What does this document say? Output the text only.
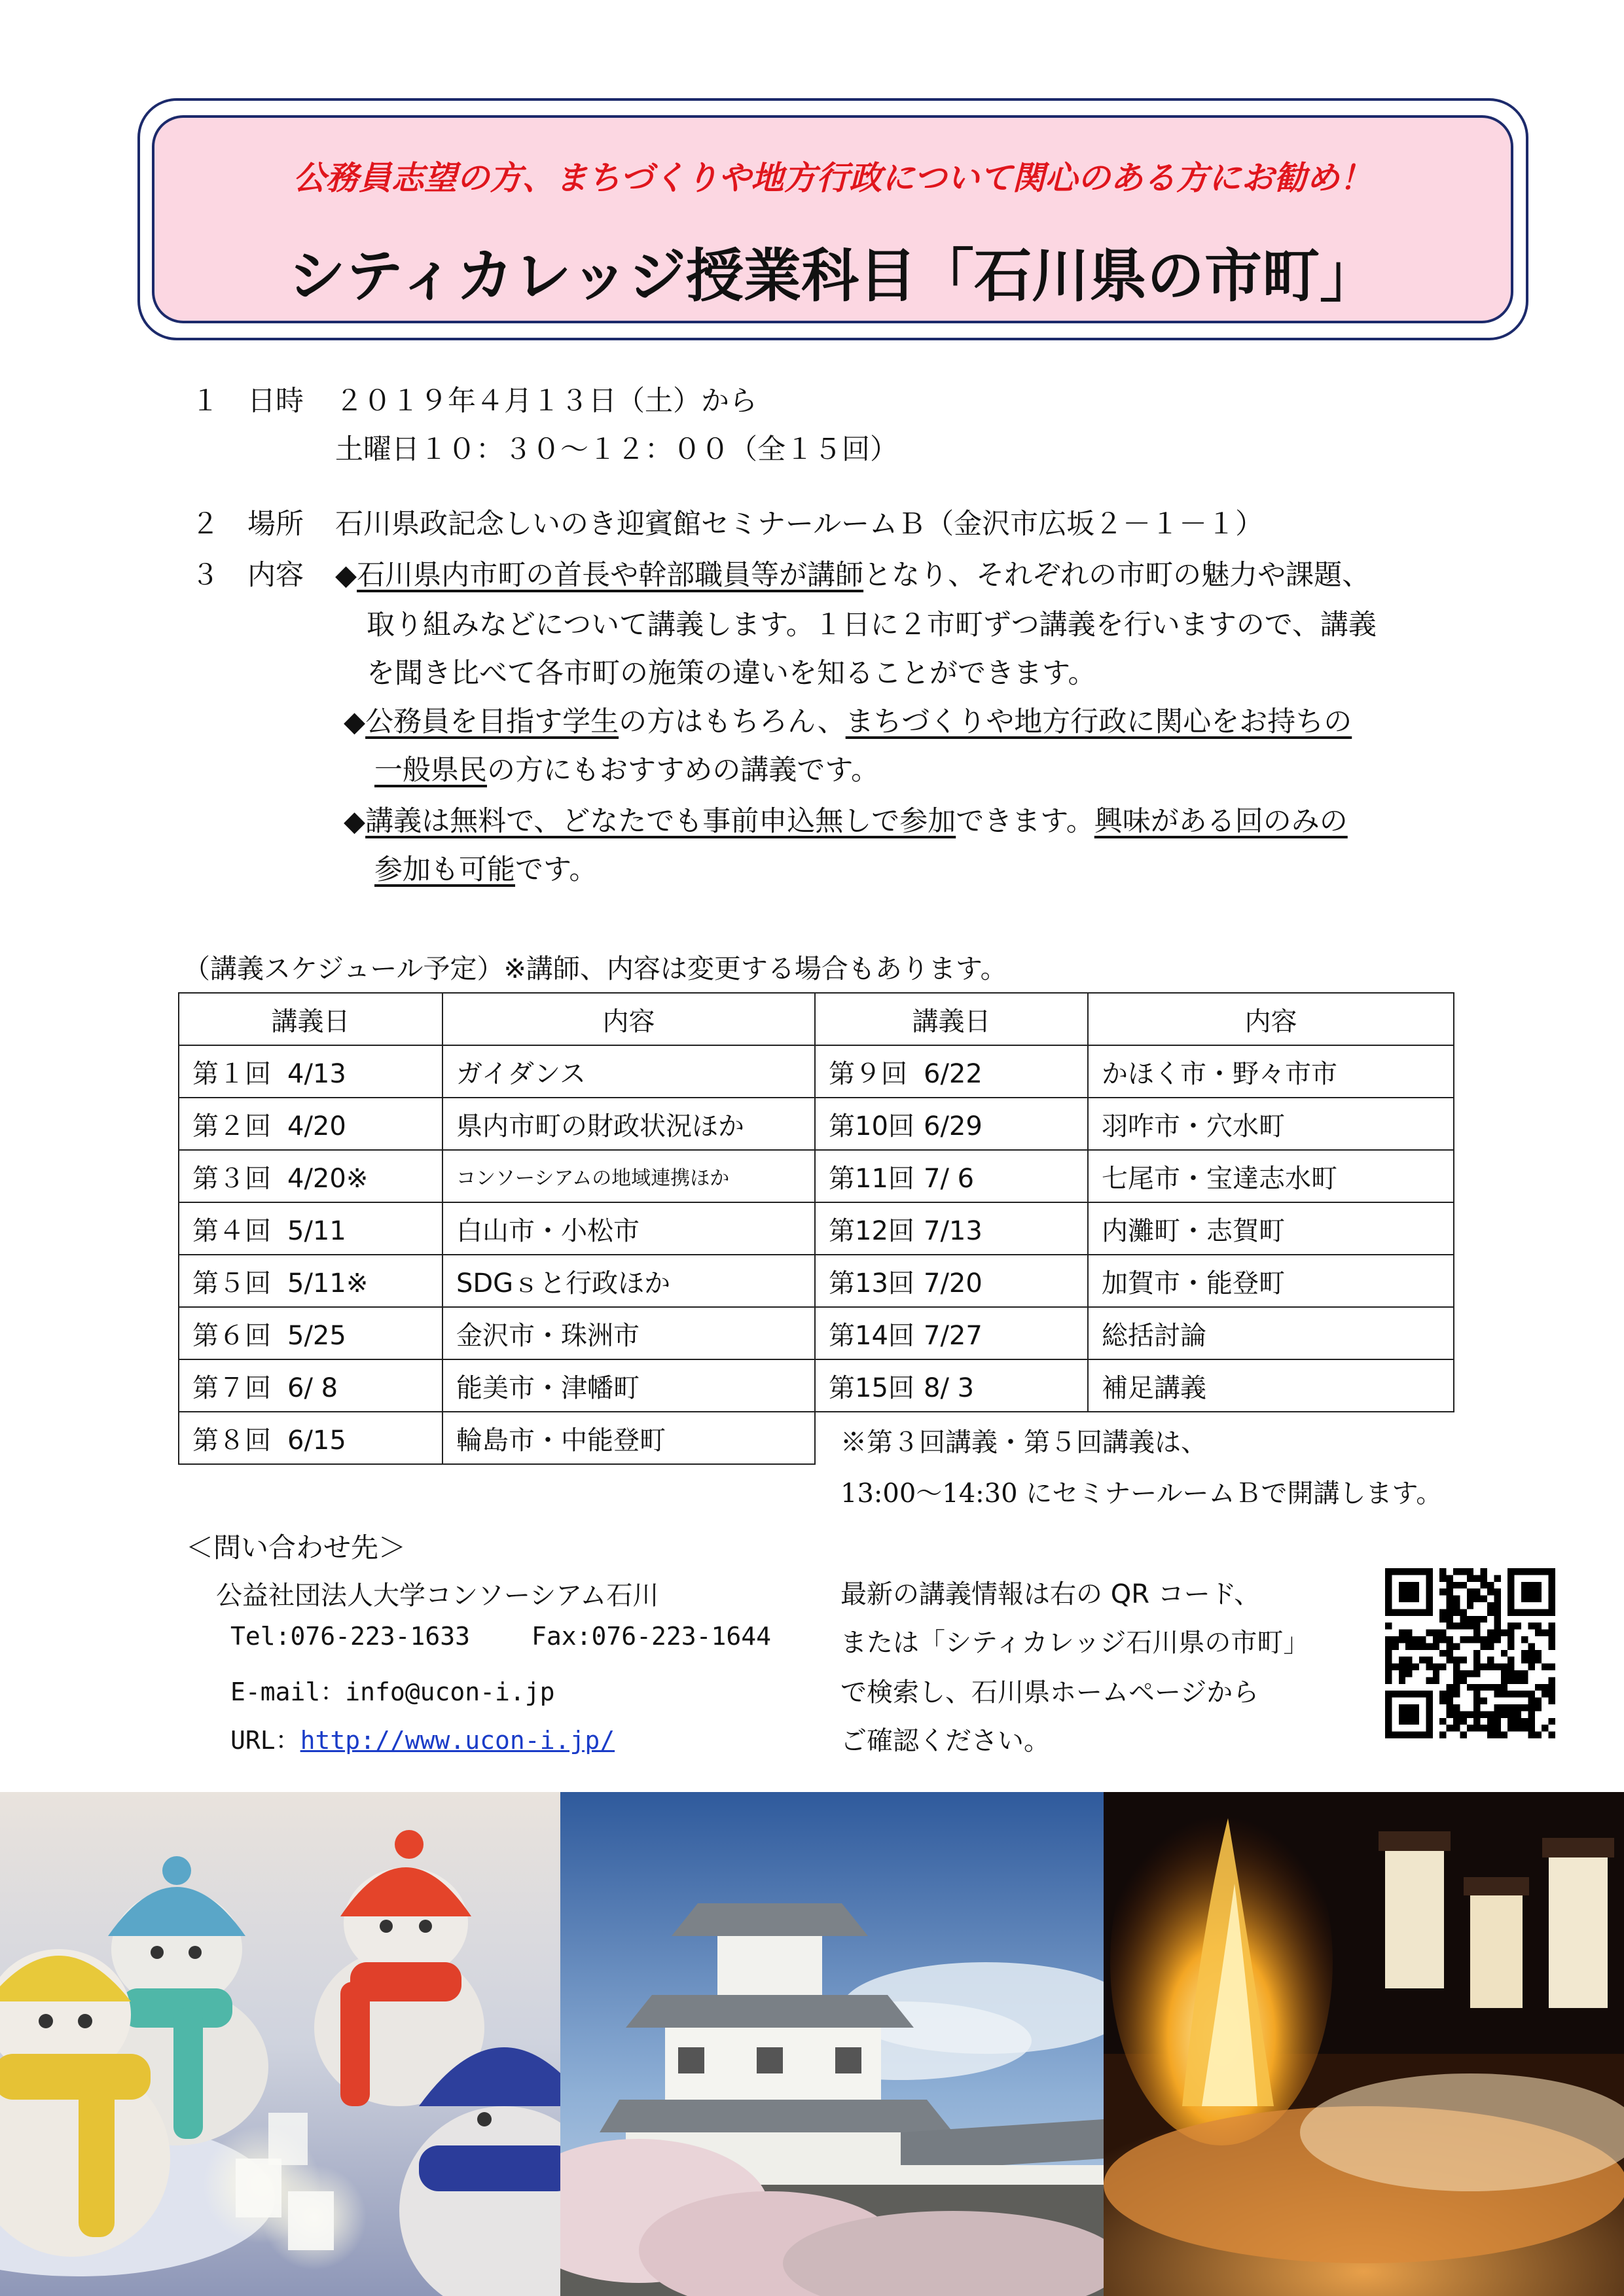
公務員志望の方、まちづくりや地方行政について関心のある方にお勧め！
シティカレッジ授業科目「石川県の市町」
１ 日時 ２０１９年４月１３日（土）から
土曜日１０：３０～１２：００（全１５回）
２ 場所 石川県政記念しいのき迎賓館セミナールームＢ（金沢市広坂２－１－１）
３ 内容 ◆石川県内市町の首長や幹部職員等が講師となり、それぞれの市町の魅力や課題、
取り組みなどについて講義します。１日に２市町ずつ講義を行いますので、講義
を聞き比べて各市町の施策の違いを知ることができます。
◆公務員を目指す学生の方はもちろん、まちづくりや地方行政に関心をお持ちの
一般県民の方にもおすすめの講義です。
◆講義は無料で、どなたでも事前申込無しで参加できます。興味がある回のみの
参加も可能です。
（講義スケジュール予定）※講師、内容は変更する場合もあります。
講義日	内容
第１回 4/13	ガイダンス
第２回 4/20	県内市町の財政状況ほか
第３回 4/20※	コンソーシアムの地域連携ほか
第４回 5/11	白山市・小松市
第５回 5/11※	SDGｓと行政ほか
第６回 5/25	金沢市・珠洲市
第７回 6/ 8	能美市・津幡町
第８回 6/15	輪島市・中能登町
講義日	内容
第９回 6/22	かほく市・野々市市
第10回 6/29	羽咋市・穴水町
第11回 7/ 6	七尾市・宝達志水町
第12回 7/13	内灘町・志賀町
第13回 7/20	加賀市・能登町
第14回 7/27	総括討論
第15回 8/ 3	補足講義
※第３回講義・第５回講義は、
13:00～14:30 にセミナールームＢで開講します。
＜問い合わせ先＞
公益社団法人大学コンソーシアム石川
Tel:076-223-1633 Fax:076-223-1644
E-mail：info@ucon-i.jp
URL：http://www.ucon-i.jp/
最新の講義情報は右の QR コード、
または「シティカレッジ石川県の市町」
で検索し、石川県ホームページから
ご確認ください。
